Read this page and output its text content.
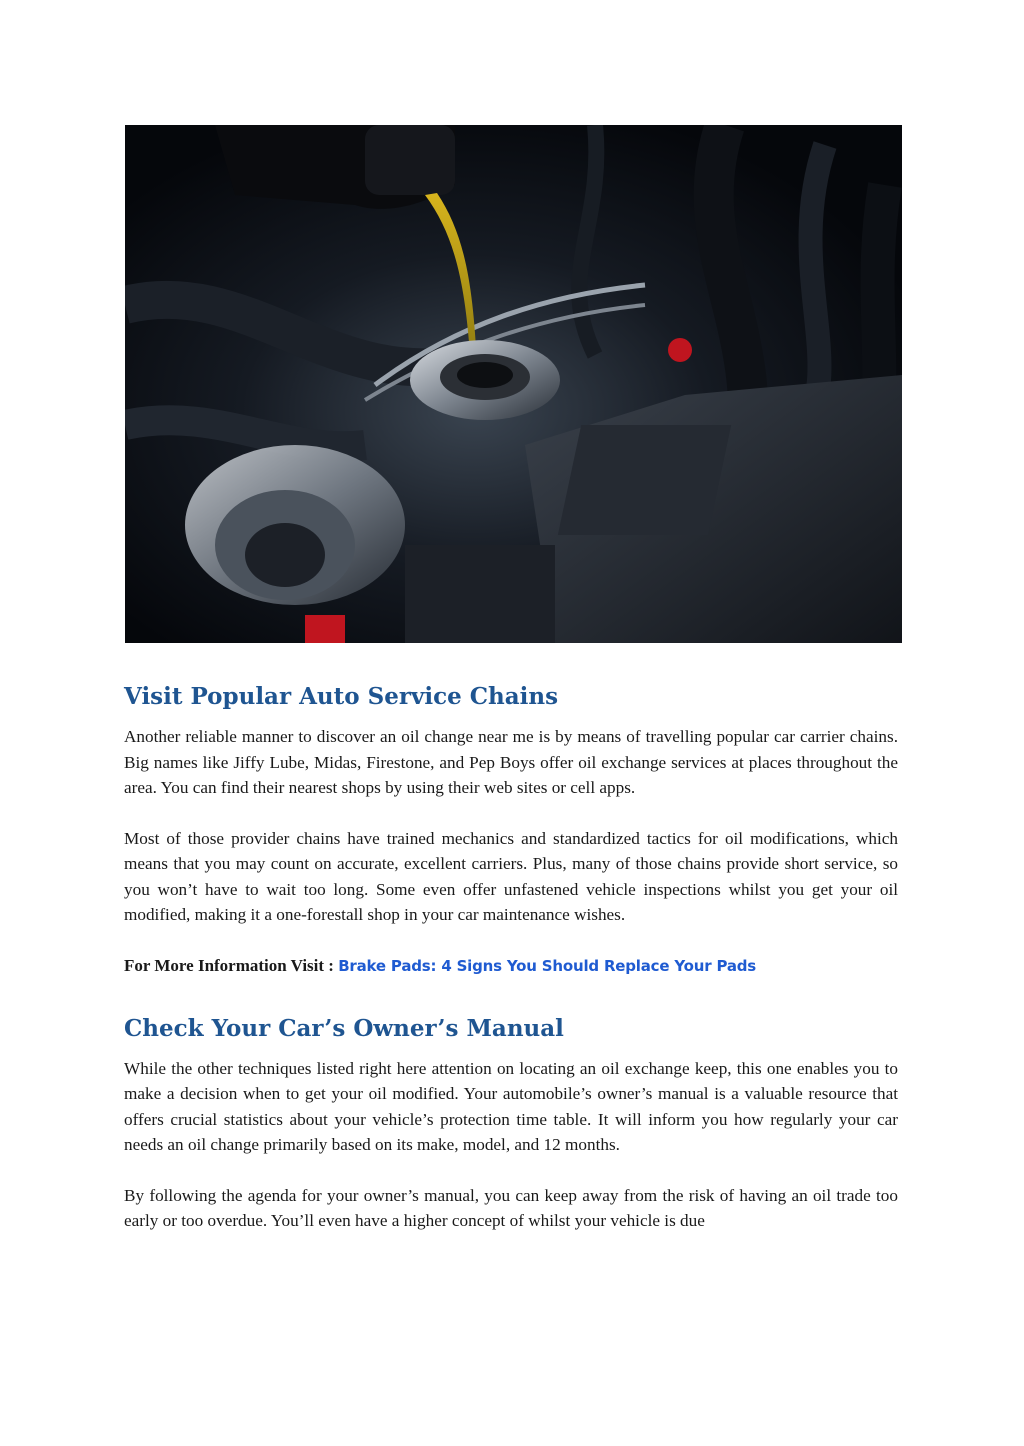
Visit Popular Auto Service Chains

Another reliable manner to discover an oil change near me is by means of travelling popular car carrier chains. Big names like Jiffy Lube, Midas, Firestone, and Pep Boys offer oil exchange services at places throughout the area. You can find their nearest shops by using their web sites or cell apps.

Most of those provider chains have trained mechanics and standardized tactics for oil modifications, which means that you may count on accurate, excellent carriers. Plus, many of those chains provide short service, so you won’t have to wait too long. Some even offer unfastened vehicle inspections whilst you get your oil modified, making it a one-forestall shop in your car maintenance wishes.

For More Information Visit : Brake Pads: 4 Signs You Should Replace Your Pads
Check Your Car’s Owner’s Manual

While the other techniques listed right here attention on locating an oil exchange keep, this one enables you to make a decision when to get your oil modified. Your automobile’s owner’s manual is a valuable resource that offers crucial statistics about your vehicle’s protection time table. It will inform you how regularly your car needs an oil change primarily based on its make, model, and 12 months.

By following the agenda for your owner’s manual, you can keep away from the risk of having an oil trade too early or too overdue. You’ll even have a higher concept of whilst your vehicle is due
